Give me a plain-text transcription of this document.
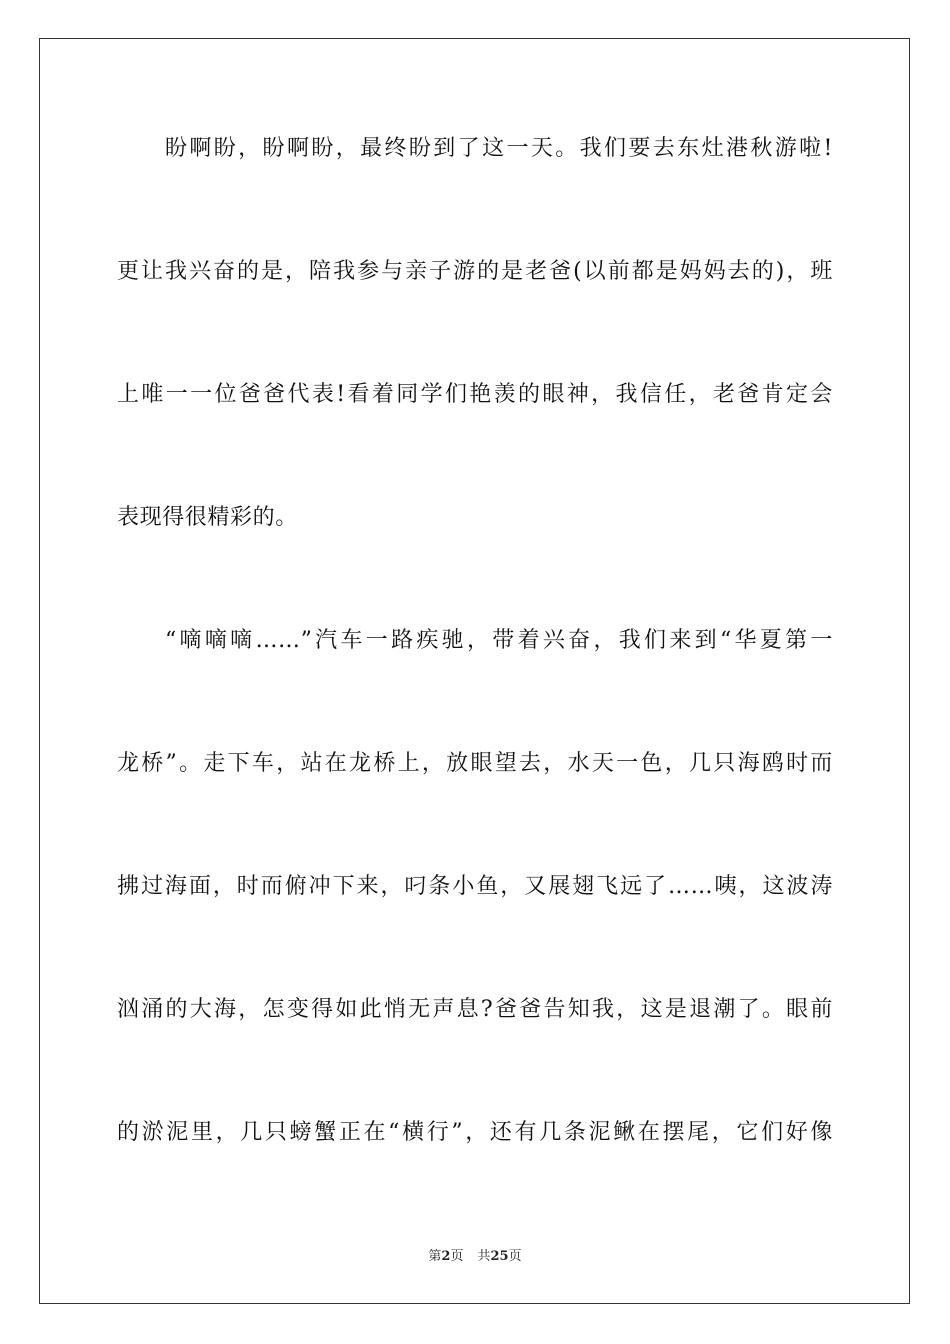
盼啊盼，盼啊盼，最终盼到了这一天。我们要去东灶港秋游啦!
更让我兴奋的是，陪我参与亲子游的是老爸(以前都是妈妈去的)，班
上唯一一位爸爸代表!看着同学们艳羡的眼神，我信任，老爸肯定会
表现得很精彩的。
“嘀嘀嘀……”汽车一路疾驰，带着兴奋，我们来到“华夏第一
龙桥”。走下车，站在龙桥上，放眼望去，水天一色，几只海鸥时而
拂过海面，时而俯冲下来，叼条小鱼，又展翅飞远了……咦，这波涛
汹涌的大海，怎变得如此悄无声息?爸爸告知我，这是退潮了。眼前
的淤泥里，几只螃蟹正在“横行”，还有几条泥鳅在摆尾，它们好像
第2页 共25页
